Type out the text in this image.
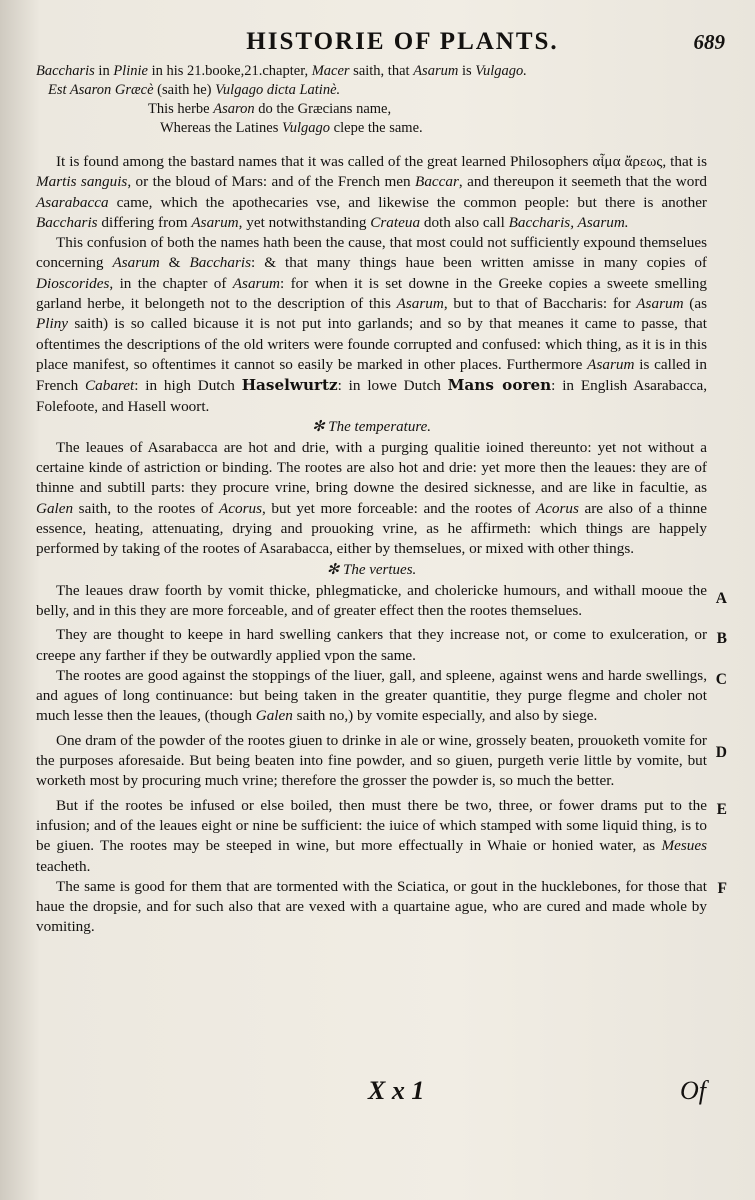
HISTORIE OF PLANTS.	689
Baccharis in Plinie in his 21.booke,21.chapter, Macer saith, that Asarum is Vulgago.
Est Asaron Græcè (saith he) Vulgago dicta Latinè.
This herbe Asaron do the Græcians name,
Whereas the Latines Vulgago clepe the same.

It is found among the bastard names that it was called of the great learned Philosophers αἷμα ἄρεως, that is Martis sanguis, or the bloud of Mars: and of the French men Baccar, and thereupon it seemeth that the word Asarabacca came, which the apothecaries vse, and likewise the common people: but there is another Baccharis differing from Asarum, yet notwithstanding Crateua doth also call Baccharis, Asarum.

This confusion of both the names hath been the cause, that most could not sufficiently expound themselues concerning Asarum & Baccharis: & that many things haue been written amisse in many copies of Dioscorides, in the chapter of Asarum: for when it is set downe in the Greeke copies a sweete smelling garland herbe, it belongeth not to the description of this Asarum, but to that of Baccharis: for Asarum (as Pliny saith) is so called bicause it is not put into garlands; and so by that meanes it came to passe, that oftentimes the descriptions of the old writers were founde corrupted and confused: which thing, as it is in this place manifest, so oftentimes it cannot so easily be marked in other places. Furthermore Asarum is called in French Cabaret: in high Dutch Haselwurtz: in lowe Dutch Mans ooren: in English Asarabacca, Folefoote, and Hasell woort.

✻ The temperature.

The leaues of Asarabacca are hot and drie, with a purging qualitie ioined thereunto: yet not without a certaine kinde of astriction or binding. The rootes are also hot and drie: yet more then the leaues: they are of thinne and subtill parts: they procure vrine, bring downe the desired sicknesse, and are like in facultie, as Galen saith, to the rootes of Acorus, but yet more forceable: and the rootes of Acorus are also of a thinne essence, heating, attenuating, drying and prouoking vrine, as he affirmeth: which things are happely performed by taking of the rootes of Asarabacca, either by themselues, or mixed with other things.

✻ The vertues.
A

The leaues draw foorth by vomit thicke, phlegmaticke, and cholericke humours, and withall mooue the belly, and in this they are more forceable, and of greater effect then the rootes themselues.

B

They are thought to keepe in hard swelling cankers that they increase not, or come to exulceration, or creepe any farther if they be outwardly applied vpon the same.

C

The rootes are good against the stoppings of the liuer, gall, and spleene, against wens and harde swellings, and agues of long continuance: but being taken in the greater quantitie, they purge flegme and choler not much lesse then the leaues, (though Galen saith no,) by vomite especially, and also by siege.

D

One dram of the powder of the rootes giuen to drinke in ale or wine, grossely beaten, prouoketh vomite for the purposes aforesaide. But being beaten into fine powder, and so giuen, purgeth verie little by vomite, but worketh most by procuring much vrine; therefore the grosser the powder is, so much the better.

E

But if the rootes be infused or else boiled, then must there be two, three, or fower drams put to the infusion; and of the leaues eight or nine be sufficient: the iuice of which stamped with some liquid thing, is to be giuen. The rootes may be steeped in wine, but more effectually in Whaie or honied water, as Mesues teacheth.

F

The same is good for them that are tormented with the Sciatica, or gout in the hucklebones, for those that haue the dropsie, and for such also that are vexed with a quartaine ague, who are cured and made whole by vomiting.

X x 1	Of
